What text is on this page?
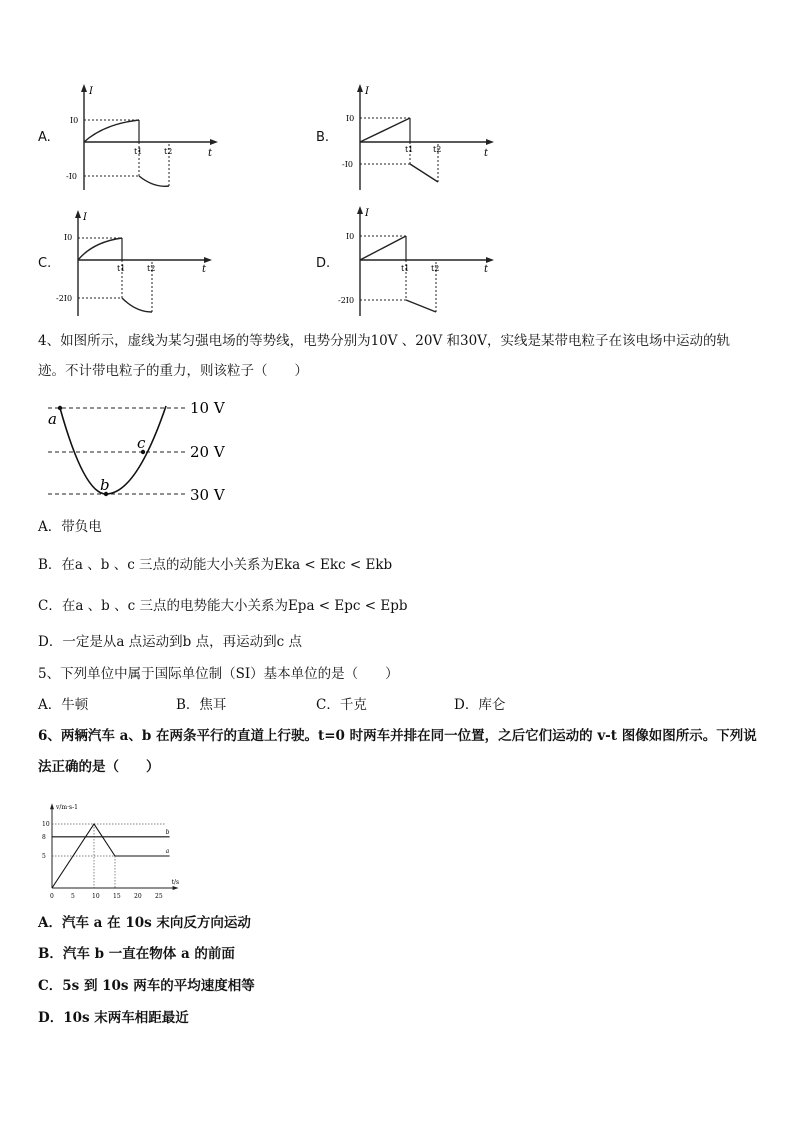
A.
I
t
I0
-I0
t1	t2
B.
I
t
I0
-I0
t1 t2
C.
I
t
I0
-2I0
t1	t2	D.
I
t
I0
-2I0
t1	t2
4、如图所示，虚线为某匀强电场的等势线，电势分别为10V 、20V 和30V，实线是某带电粒子在该电场中运动的轨
迹。不计带电粒子的重力，则该粒子（　　）
10 V
20 V
30 V
a
b
c
A．带负电
B．在a 、b 、c 三点的动能大小关系为Eka < Ekc < Ekb
C．在a 、b 、c 三点的电势能大小关系为Epa < Epc < Epb
D．一定是从a 点运动到b 点，再运动到c 点
5、下列单位中属于国际单位制（SI）基本单位的是（　　）
A．牛顿	B．焦耳	C．千克	D．库仑
6、两辆汽车 a、b 在两条平行的直道上行驶。t=0 时两车并排在同一位置，之后它们运动的 v-t 图像如图所示。下列说
法正确的是（　　）
v/m·s-1
t/s
0	5	10 15 20 25
5
8
10
a
b
A．汽车 a 在 10s 末向反方向运动
B．汽车 b 一直在物体 a 的前面
C．5s 到 10s 两车的平均速度相等
D．10s 末两车相距最近
